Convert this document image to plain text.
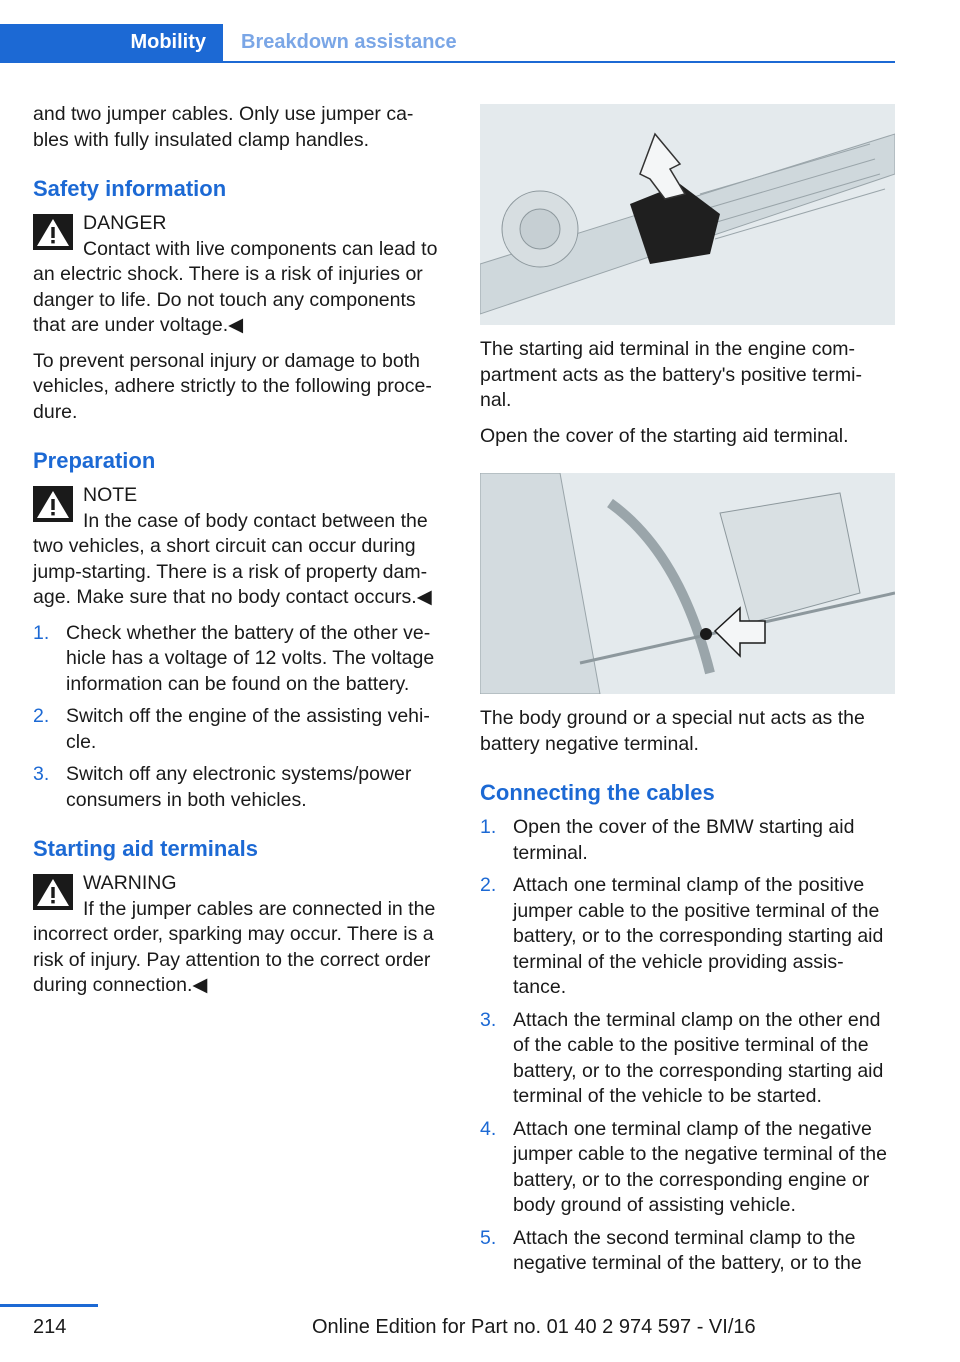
Mobility	Breakdown assistance

and two jumper cables. Only use jumper ca‐ bles with fully insulated clamp handles.

Safety information
DANGER
Contact with live components can lead to an electric shock. There is a risk of injuries or danger to life. Do not touch any components that are under voltage.◀

To prevent personal injury or damage to both vehicles, adhere strictly to the following proce‐ dure.

Preparation
NOTE
In the case of body contact between the two vehicles, a short circuit can occur during jump-starting. There is a risk of property dam‐ age. Make sure that no body contact occurs.◀
1. Check whether the battery of the other ve‐ hicle has a voltage of 12 volts. The voltage information can be found on the battery.
2. Switch off the engine of the assisting vehi‐ cle.
3. Switch off any electronic systems/power consumers in both vehicles.
Starting aid terminals
WARNING
If the jumper cables are connected in the incorrect order, sparking may occur. There is a risk of injury. Pay attention to the correct order during connection.◀

The starting aid terminal in the engine com‐ partment acts as the battery's positive termi‐ nal.

Open the cover of the starting aid terminal.

The body ground or a special nut acts as the battery negative terminal.

Connecting the cables
1. Open the cover of the BMW starting aid terminal.
2. Attach one terminal clamp of the positive jumper cable to the positive terminal of the battery, or to the corresponding starting aid terminal of the vehicle providing assis‐ tance.
3. Attach the terminal clamp on the other end of the cable to the positive terminal of the battery, or to the corresponding starting aid terminal of the vehicle to be started.
4. Attach one terminal clamp of the negative jumper cable to the negative terminal of the battery, or to the corresponding engine or body ground of assisting vehicle.
5. Attach the second terminal clamp to the negative terminal of the battery, or to the
214	Online Edition for Part no. 01 40 2 974 597 - VI/16
